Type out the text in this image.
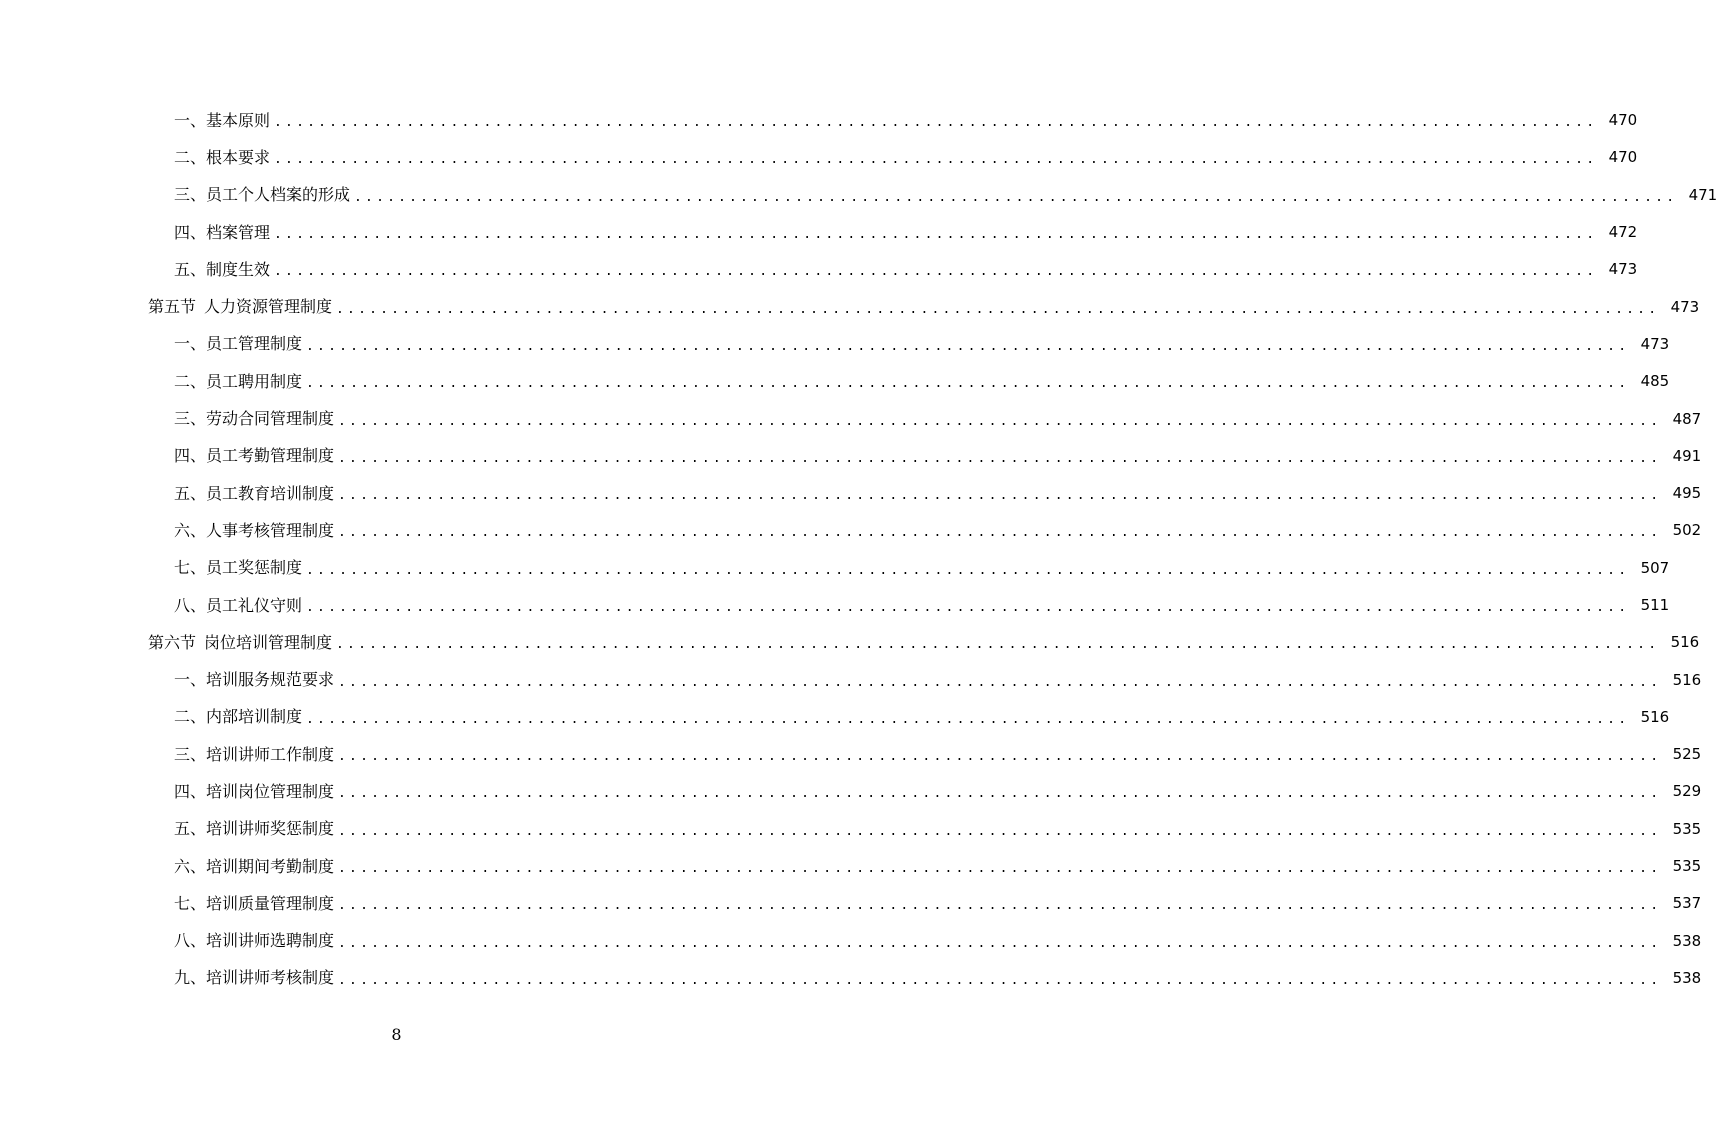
一、基本原则 ........................................................................................................................ 470
二、根本要求 ........................................................................................................................ 470
三、员工个人档案的形成 ........................................................................................................................ 471
四、档案管理 ........................................................................................................................ 472
五、制度生效 ........................................................................................................................ 473
第五节 人力资源管理制度 ........................................................................................................................ 473
一、员工管理制度 ........................................................................................................................ 473
二、员工聘用制度 ........................................................................................................................ 485
三、劳动合同管理制度 ........................................................................................................................ 487
四、员工考勤管理制度 ........................................................................................................................ 491
五、员工教育培训制度 ........................................................................................................................ 495
六、人事考核管理制度 ........................................................................................................................ 502
七、员工奖惩制度 ........................................................................................................................ 507
八、员工礼仪守则 ........................................................................................................................ 511
第六节 岗位培训管理制度 ........................................................................................................................ 516
一、培训服务规范要求 ........................................................................................................................ 516
二、内部培训制度 ........................................................................................................................ 516
三、培训讲师工作制度 ........................................................................................................................ 525
四、培训岗位管理制度 ........................................................................................................................ 529
五、培训讲师奖惩制度 ........................................................................................................................ 535
六、培训期间考勤制度 ........................................................................................................................ 535
七、培训质量管理制度 ........................................................................................................................ 537
八、培训讲师选聘制度 ........................................................................................................................ 538
九、培训讲师考核制度 ........................................................................................................................ 538
8
